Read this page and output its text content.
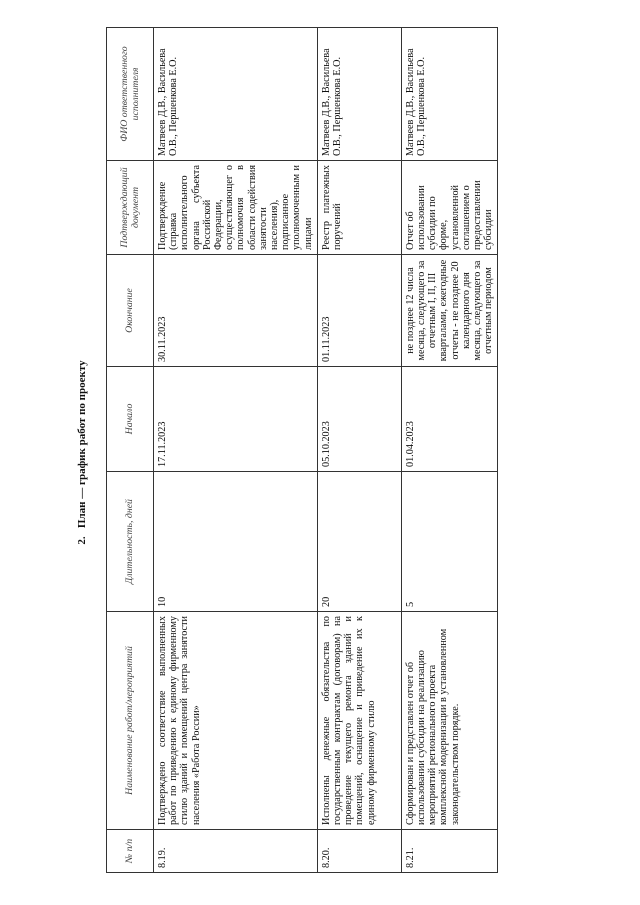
2.   План — график работ по проекту
№ п/п	Наименование работ/мероприятий	Длительность, дней	Начало	Окончание	Подтверждающий документ	ФИО ответственного исполнителя
8.19.	Подтверждено соответствие выполненных работ по приведению к единому фирменному стилю зданий и помещений центра занятости населения «Работа России»	10	17.11.2023	30.11.2023	Подтверждение (справка исполнительного органа субъекта Российской Федерации, осуществляющег о полномочия в области содействия занятости населения), подписанное уполномоченным и лицами	Матвеев Д.В., Васильева О.В., Першенкова Е.О.
8.20.	Исполнены денежные обязательства по государственным контрактам (договорам) на проведение текущего ремонта зданий и помещений, оснащение и приведение их к единому фирменному стилю	20	05.10.2023	01.11.2023	Реестр платежных поручений	Матвеев Д.В., Васильева О.В., Першенкова Е.О.
8.21.	Сформирован и представлен отчет об использовании субсидии на реализацию мероприятий регионального проекта комплексной модернизации в установленном законодательством порядке.	5	01.04.2023	не позднее 12 числа месяца, следующего за отчетным I, II, III кварталами, ежегодные отчеты - не позднее 20 календарного дня месяца, следующего за отчетным периодом	Отчет об использовании субсидии по форме, установленной соглашением о предоставлении субсидии	Матвеев Д.В., Васильева О.В., Першенкова Е.О.
